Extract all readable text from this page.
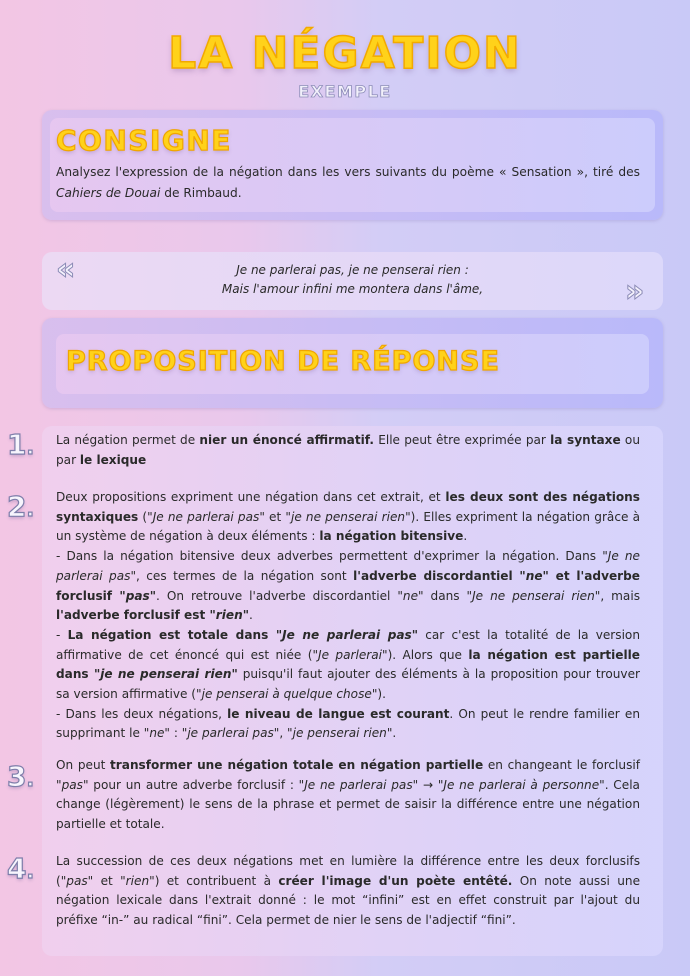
LA NÉGATION
EXEMPLE
CONSIGNE
Analysez l'expression de la négation dans les vers suivants du poème « Sensation », tiré des Cahiers de Douai de Rimbaud.
«	Je ne parlerai pas, je ne penserai rien :
Mais l'amour infini me montera dans l'âme,	»
PROPOSITION DE RÉPONSE
1.
2.
3.
4.
La négation permet de nier un énoncé affirmatif. Elle peut être exprimée par la syntaxe ou par le lexique
Deux propositions expriment une négation dans cet extrait, et les deux sont des négations syntaxiques ("Je ne parlerai pas" et "je ne penserai rien"). Elles expriment la négation grâce à un système de négation à deux éléments : la négation bitensive.
- Dans la négation bitensive deux adverbes permettent d'exprimer la négation. Dans "Je ne parlerai pas", ces termes de la négation sont l'adverbe discordantiel "ne" et l'adverbe forclusif "pas". On retrouve l'adverbe discordantiel "ne" dans "Je ne penserai rien", mais l'adverbe forclusif est "rien".
- La négation est totale dans "Je ne parlerai pas" car c'est la totalité de la version affirmative de cet énoncé qui est niée ("Je parlerai"). Alors que la négation est partielle dans "je ne penserai rien" puisqu'il faut ajouter des éléments à la proposition pour trouver sa version affirmative ("je penserai à quelque chose").
- Dans les deux négations, le niveau de langue est courant. On peut le rendre familier en supprimant le "ne" : "je parlerai pas", "je penserai rien".
On peut transformer une négation totale en négation partielle en changeant le forclusif "pas" pour un autre adverbe forclusif : "Je ne parlerai pas" → "Je ne parlerai à personne". Cela change (légèrement) le sens de la phrase et permet de saisir la différence entre une négation partielle et totale.
La succession de ces deux négations met en lumière la différence entre les deux forclusifs ("pas" et "rien") et contribuent à créer l'image d'un poète entêté. On note aussi une négation lexicale dans l'extrait donné : le mot “infini” est en effet construit par l'ajout du préfixe “in-” au radical “fini”. Cela permet de nier le sens de l'adjectif “fini”.
